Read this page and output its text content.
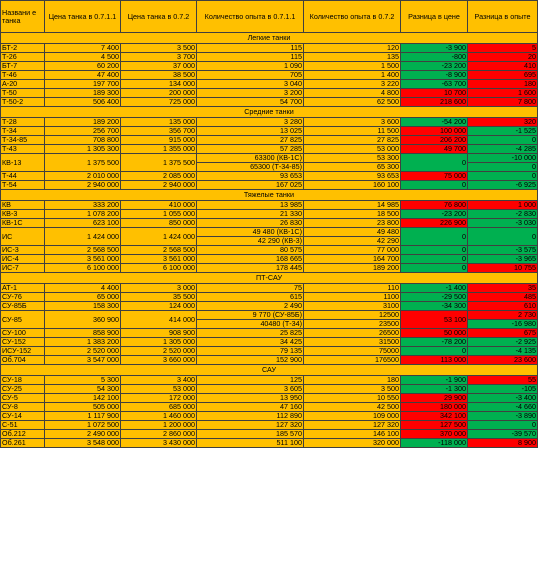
Названи е танка	Цена танка в 0.7.1.1	Цена танка в 0.7.2	Количество опыта в 0.7.1.1	Количество опыта в 0.7.2	Разница в цене	Разница в опыте
Легкие танки						
БТ-2	7 400	3 500	115	120	-3 900	5
Т-26	4 500	3 700	115	135	-800	20
БТ-7	60 200	37 000	1 090	1 500	-23 200	410
Т-46	47 400	38 500	705	1 400	-8 900	695
А-20	197 700	134 000	3 040	3 220	-63 700	180
Т-50	189 300	200 000	3 200	4 800	10 700	1 600
Т-50-2	506 400	725 000	54 700	62 500	218 600	7 800
Средние танки						
Т-28	189 200	135 000	3 280	3 600	-54 200	320
Т-34	256 700	356 700	13 025	11 500	100 000	-1 525
Т-34-85	708 800	915 000	27 825	27 825	206 200	0
Т-43	1 305 300	1 355 000	57 285	53 000	49 700	-4 285
КВ-13	1 375 500	1 375 500	63300 (КВ-1С)	53 300	0	-10 000
			65300 (Т-34-85)	65 300		0
Т-44	2 010 000	2 085 000	93 653	93 653	75 000	0
Т-54	2 940 000	2 940 000	167 025	160 100	0	-6 925
Тяжелые танки						
КВ	333 200	410 000	13 985	14 985	76 800	1 000
КВ-3	1 078 200	1 055 000	21 330	18 500	-23 200	-2 830
КВ-1С	623 100	850 000	26 830	23 800	226 900	-3 030
ИС	1 424 000	1 424 000	49 480 (КВ-1С)	49 480	0	0
			42 290 (КВ-3)	42 290		
ИС-3	2 568 500	2 568 500	80 575	77 000	0	-3 575
ИС-4	3 561 000	3 561 000	168 665	164 700	0	-3 965
ИС-7	6 100 000	6 100 000	178 445	189 200	0	10 755
ПТ-САУ						
АТ-1	4 400	3 000	75	110	-1 400	35
СУ-76	65 000	35 500	615	1100	-29 500	485
СУ-85Б	158 300	124 000	2 490	3100	-34 300	610
СУ-85	360 900	414 000	9 770 (СУ-85Б)	12500	53 100	2 730
			40480 (Т-34)	23500		-16 980
СУ-100	858 900	908 900	25 825	26500	50 000	675
СУ-152	1 383 200	1 305 000	34 425	31500	-78 200	-2 925
ИСУ-152	2 520 000	2 520 000	79 135	75000	0	-4 135
Об.704	3 547 000	3 660 000	152 900	176500	113 000	23 600
САУ						
СУ-18	5 300	3 400	125	180	-1 900	55
СУ-25	54 300	53 000	3 605	3 500	-1 300	-105
СУ-5	142 100	172 000	13 950	10 550	29 900	-3 400
СУ-8	505 000	685 000	47 160	42 500	180 000	-4 660
СУ-14	1 117 900	1 460 000	112 890	109 000	342 100	-3 890
С-51	1 072 500	1 200 000	127 320	127 320	127 500	0
Об.212	2 490 000	2 860 000	185 570	146 100	370 000	-39 570
Об.261	3 548 000	3 430 000	511 100	320 000	-118 000	8 900
